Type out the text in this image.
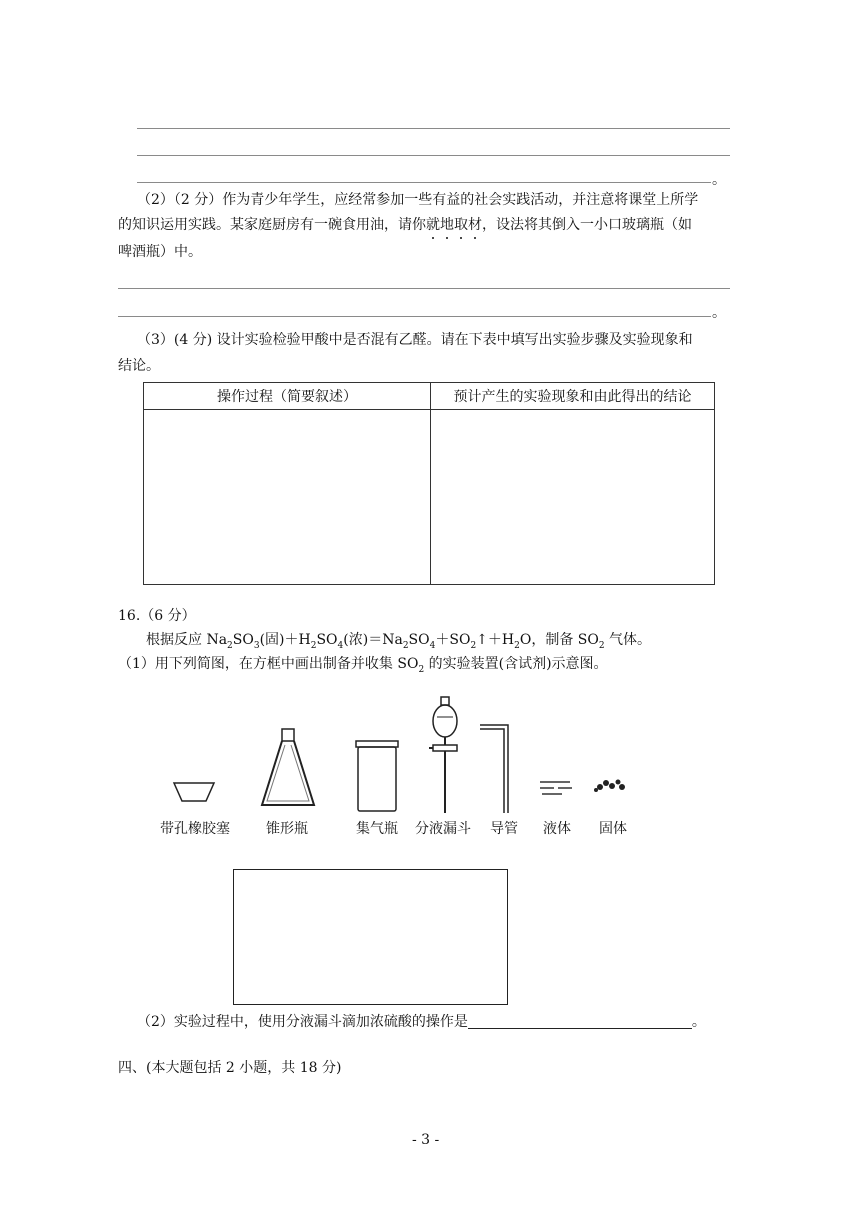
。
（2）（2 分）作为青少年学生，应经常参加一些有益的社会实践活动，并注意将课堂上所学
的知识运用实践。某家庭厨房有一碗食用油，请你就地取材，设法将其倒入一小口玻璃瓶（如
啤酒瓶）中。
。
（3）(4 分) 设计实验检验甲酸中是否混有乙醛。请在下表中填写出实验步骤及实验现象和
结论。
操作过程（简要叙述）	预计产生的实验现象和由此得出的结论

16.（6 分）
根据反应 $Na_2SO_3$(固)$+H_2SO_4$(浓)$=Na_2SO_4+SO_2↑+H_2O$，制备 $SO_2$ 气体。
（1）用下列简图，在方框中画出制备并收集 $SO_2$ 的实验装置(含试剂)示意图。
带孔橡胶塞	锥形瓶	集气瓶 分液漏斗 导管 液体 固体
（2）实验过程中，使用分液漏斗滴加浓硫酸的操作是	。
四、(本大题包括 2 小题，共 18 分)
- 3 -
